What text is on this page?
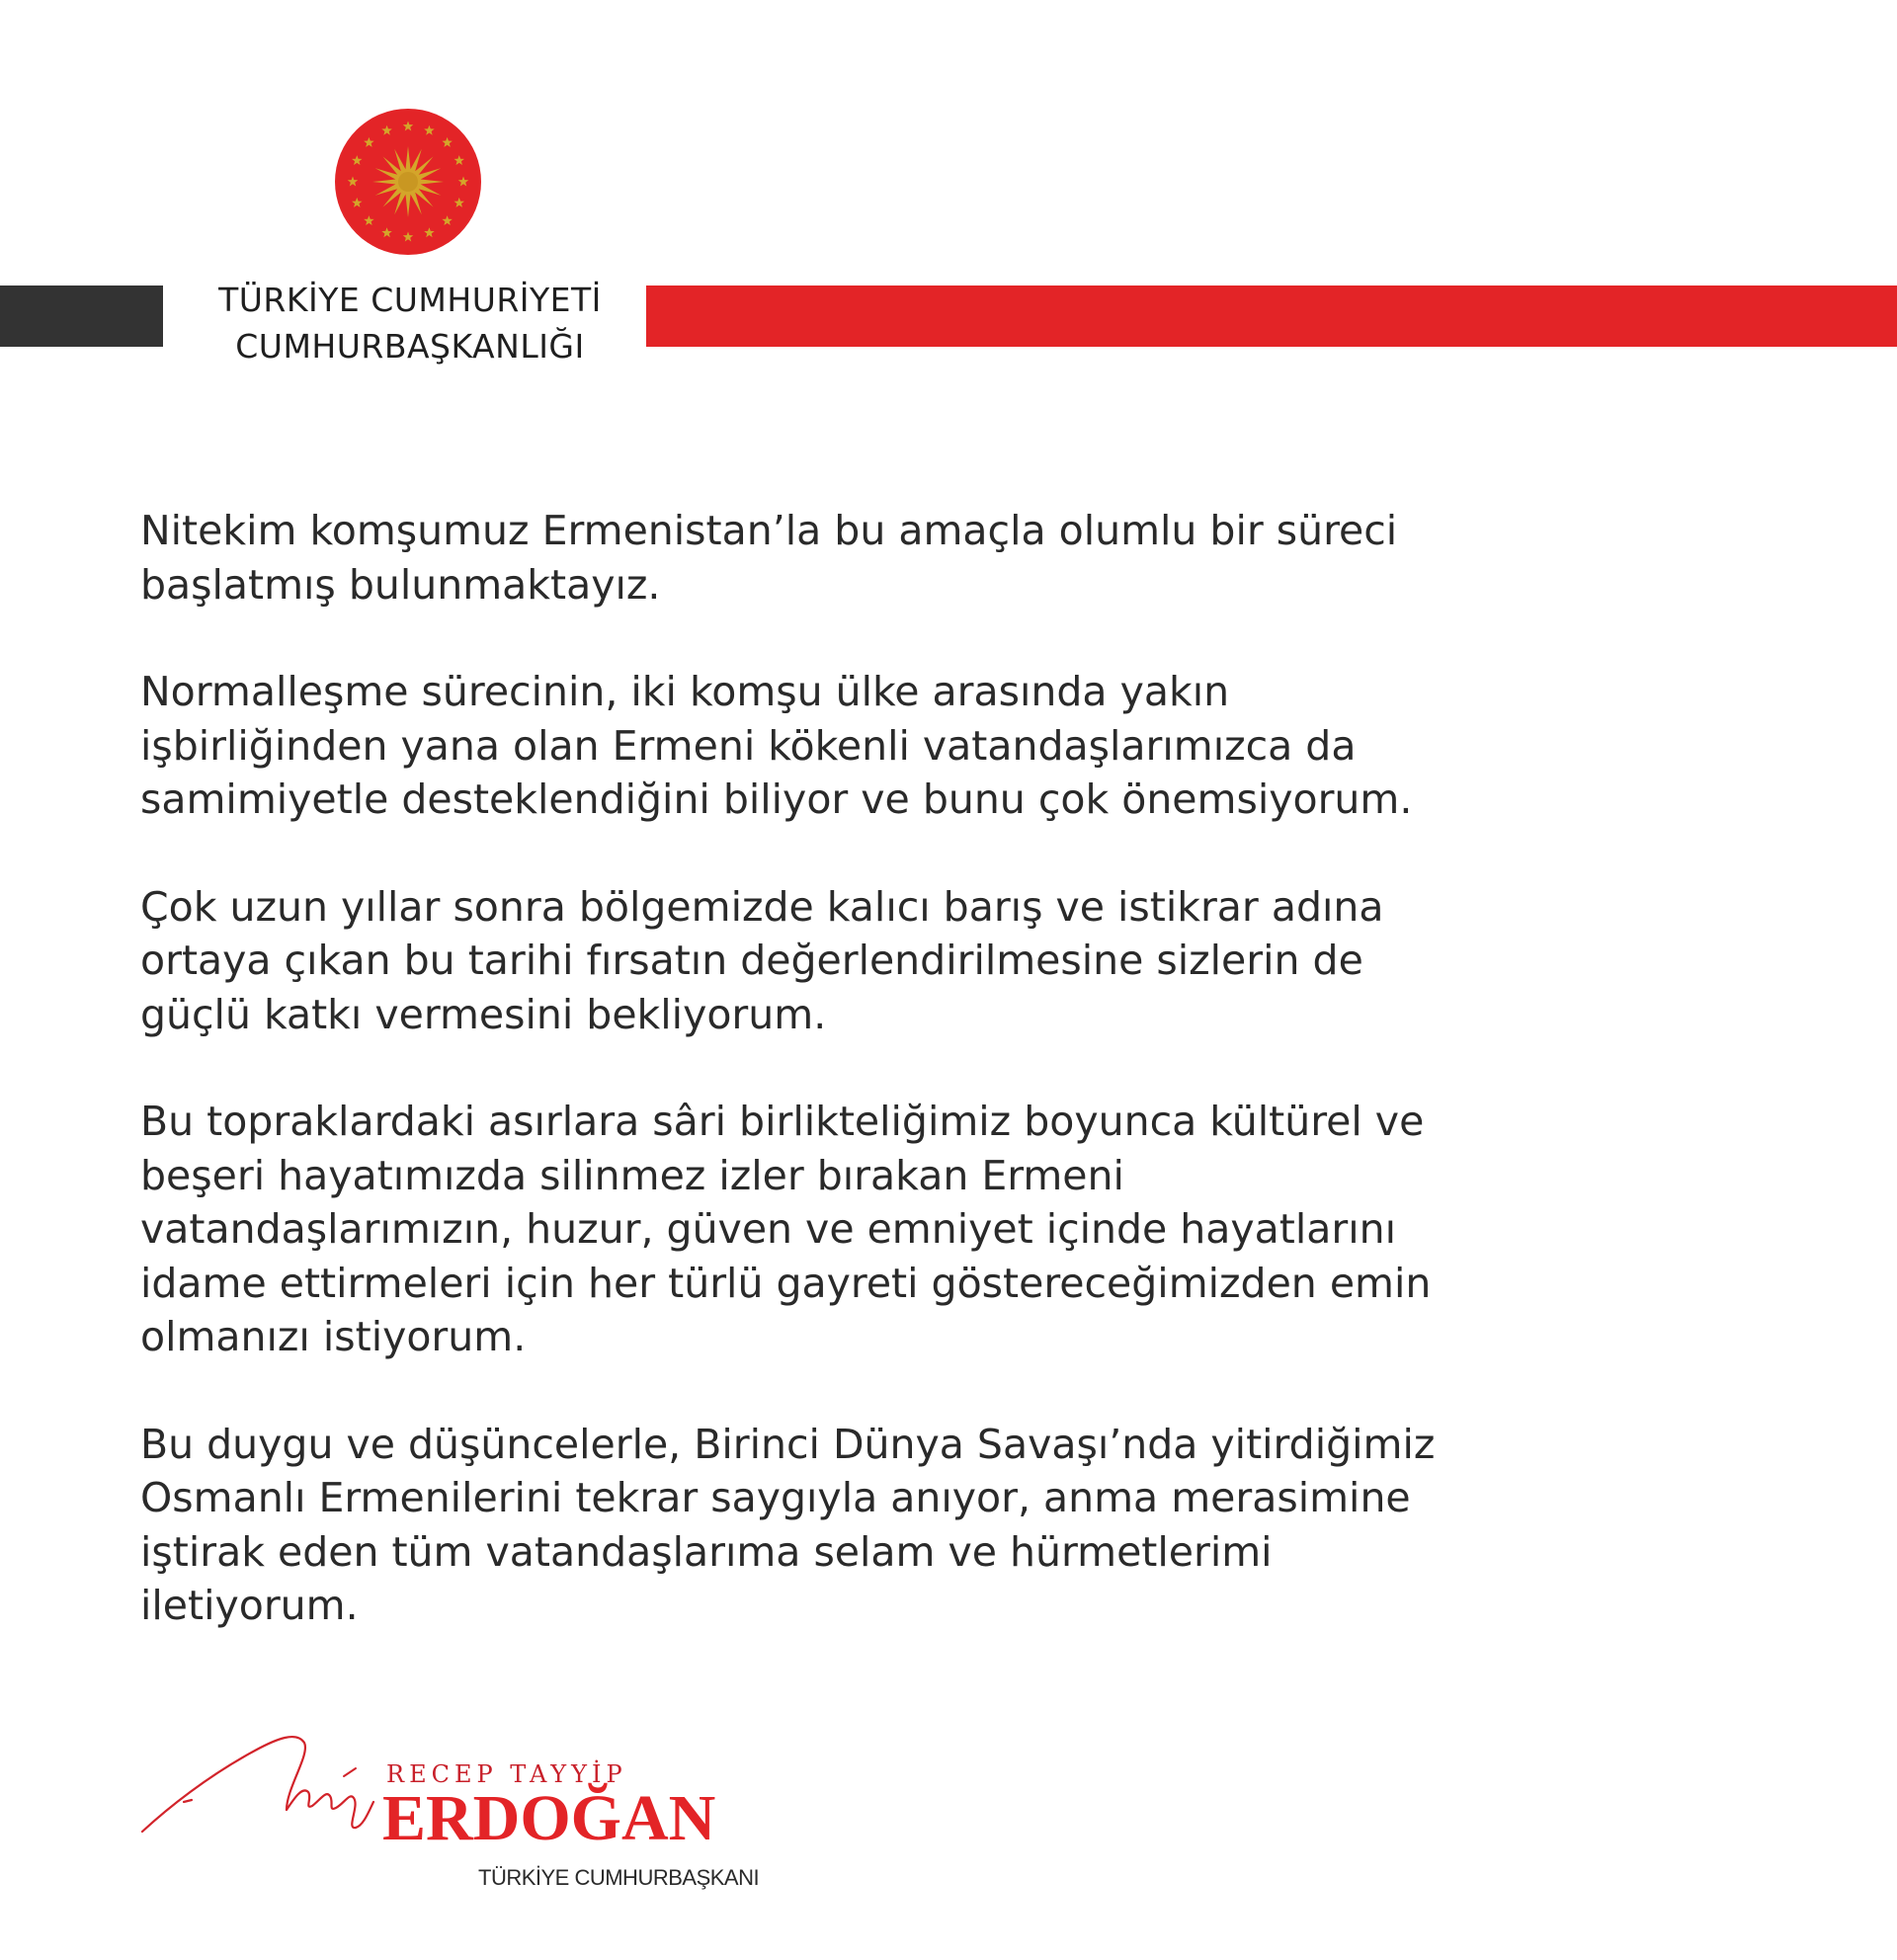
TÜRKİYE CUMHURİYETİ
CUMHURBAŞKANLIĞI
Nitekim komşumuz Ermenistan’la bu amaçla olumlu bir süreci
başlatmış bulunmaktayız.
Normalleşme sürecinin, iki komşu ülke arasında yakın
işbirliğinden yana olan Ermeni kökenli vatandaşlarımızca da
samimiyetle desteklendiğini biliyor ve bunu çok önemsiyorum.
Çok uzun yıllar sonra bölgemizde kalıcı barış ve istikrar adına
ortaya çıkan bu tarihi fırsatın değerlendirilmesine sizlerin de
güçlü katkı vermesini bekliyorum.
Bu topraklardaki asırlara sâri birlikteliğimiz boyunca kültürel ve
beşeri hayatımızda silinmez izler bırakan Ermeni
vatandaşlarımızın, huzur, güven ve emniyet içinde hayatlarını
idame ettirmeleri için her türlü gayreti göstereceğimizden emin
olmanızı istiyorum.
Bu duygu ve düşüncelerle, Birinci Dünya Savaşı’nda yitirdiğimiz
Osmanlı Ermenilerini tekrar saygıyla anıyor, anma merasimine
iştirak eden tüm vatandaşlarıma selam ve hürmetlerimi
iletiyorum.
RECEP TAYYİP
ERDOĞAN
TÜRKİYE CUMHURBAŞKANI
